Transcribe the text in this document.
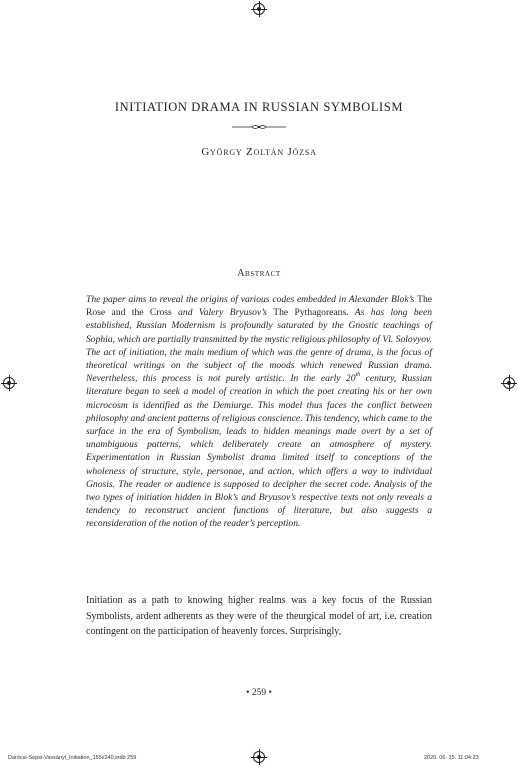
INITIATION DRAMA IN RUSSIAN SYMBOLISM
György Zoltán Józsa
Abstract

The paper aims to reveal the origins of various codes embedded in Alexander Blok’s The Rose and the Cross and Valery Bryusov’s The Pythagoreans. As has long been established, Russian Modernism is profoundly saturated by the Gnostic teachings of Sophia, which are partially transmitted by the mystic religious philosophy of Vl. Solovyov. The act of initiation, the main medium of which was the genre of drama, is the focus of theoretical writings on the subject of the moods which renewed Russian drama. Nevertheless, this process is not purely artistic. In the early 20th century, Russian literature began to seek a model of creation in which the poet creating his or her own microcosm is identified as the Demiurge. This model thus faces the conflict between philosophy and ancient patterns of religious conscience. This tendency, which came to the surface in the era of Symbolism, leads to hidden meanings made overt by a set of unambiguous patterns, which deliberately create an atmosphere of mystery. Experimentation in Russian Symbolist drama limited itself to conceptions of the wholeness of structure, style, personae, and action, which offers a way to individual Gnosis. The reader or audience is supposed to decipher the secret code. Analysis of the two types of initiation hidden in Blok’s and Bryusov’s respective texts not only reveals a tendency to reconstruct ancient functions of literature, but also suggests a reconsideration of the notion of the reader’s perception.

Initiation as a path to knowing higher realms was a key focus of the Russian Symbolists, ardent adherents as they were of the theurgical model of art, i.e. creation contingent on the participation of heavenly forces. Surprisingly,

• 259 •
Darócsi-Sepsi-Vassányi_Initiation_155x240.indb 259	2020. 06. 15. 11:04:23
